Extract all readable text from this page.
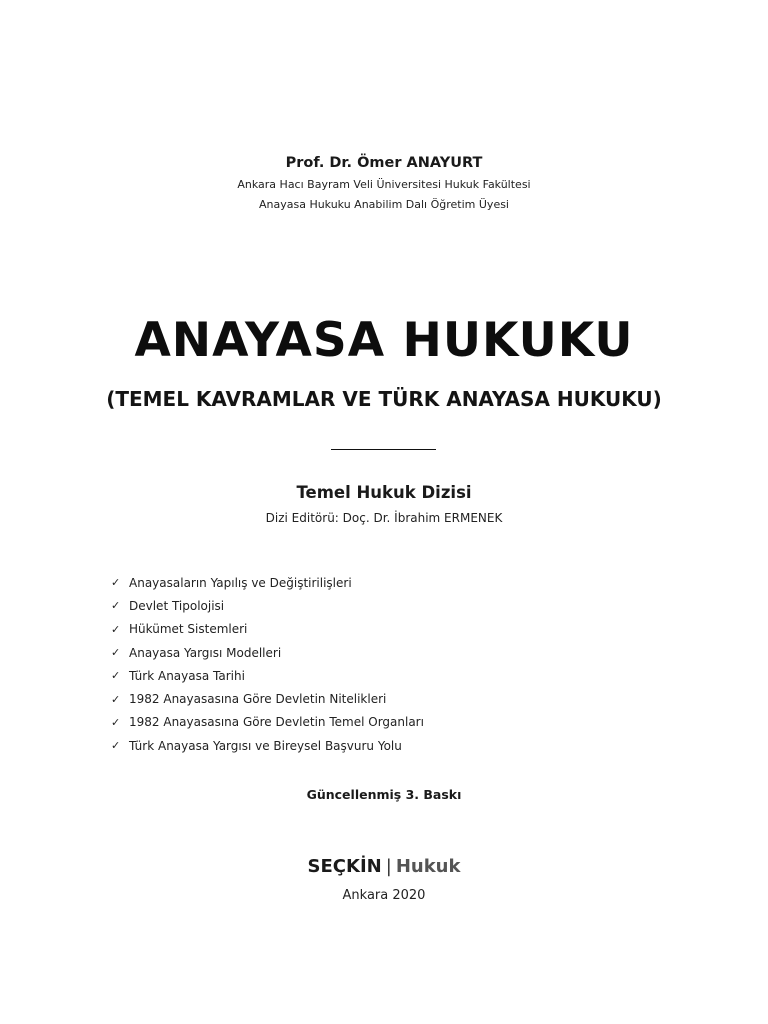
Prof. Dr. Ömer ANAYURT
Ankara Hacı Bayram Veli Üniversitesi Hukuk Fakültesi
Anayasa Hukuku Anabilim Dalı Öğretim Üyesi
ANAYASA HUKUKU
(TEMEL KAVRAMLAR VE TÜRK ANAYASA HUKUKU)
Temel Hukuk Dizisi
Dizi Editörü: Doç. Dr. İbrahim ERMENEK
✓ Anayasaların Yapılış ve Değiştirilişleri
✓ Devlet Tipolojisi
✓ Hükümet Sistemleri
✓ Anayasa Yargısı Modelleri
✓ Türk Anayasa Tarihi
✓ 1982 Anayasasına Göre Devletin Nitelikleri
✓ 1982 Anayasasına Göre Devletin Temel Organları
✓ Türk Anayasa Yargısı ve Bireysel Başvuru Yolu
Güncellenmiş 3. Baskı
SEÇKİN | Hukuk
Ankara 2020
